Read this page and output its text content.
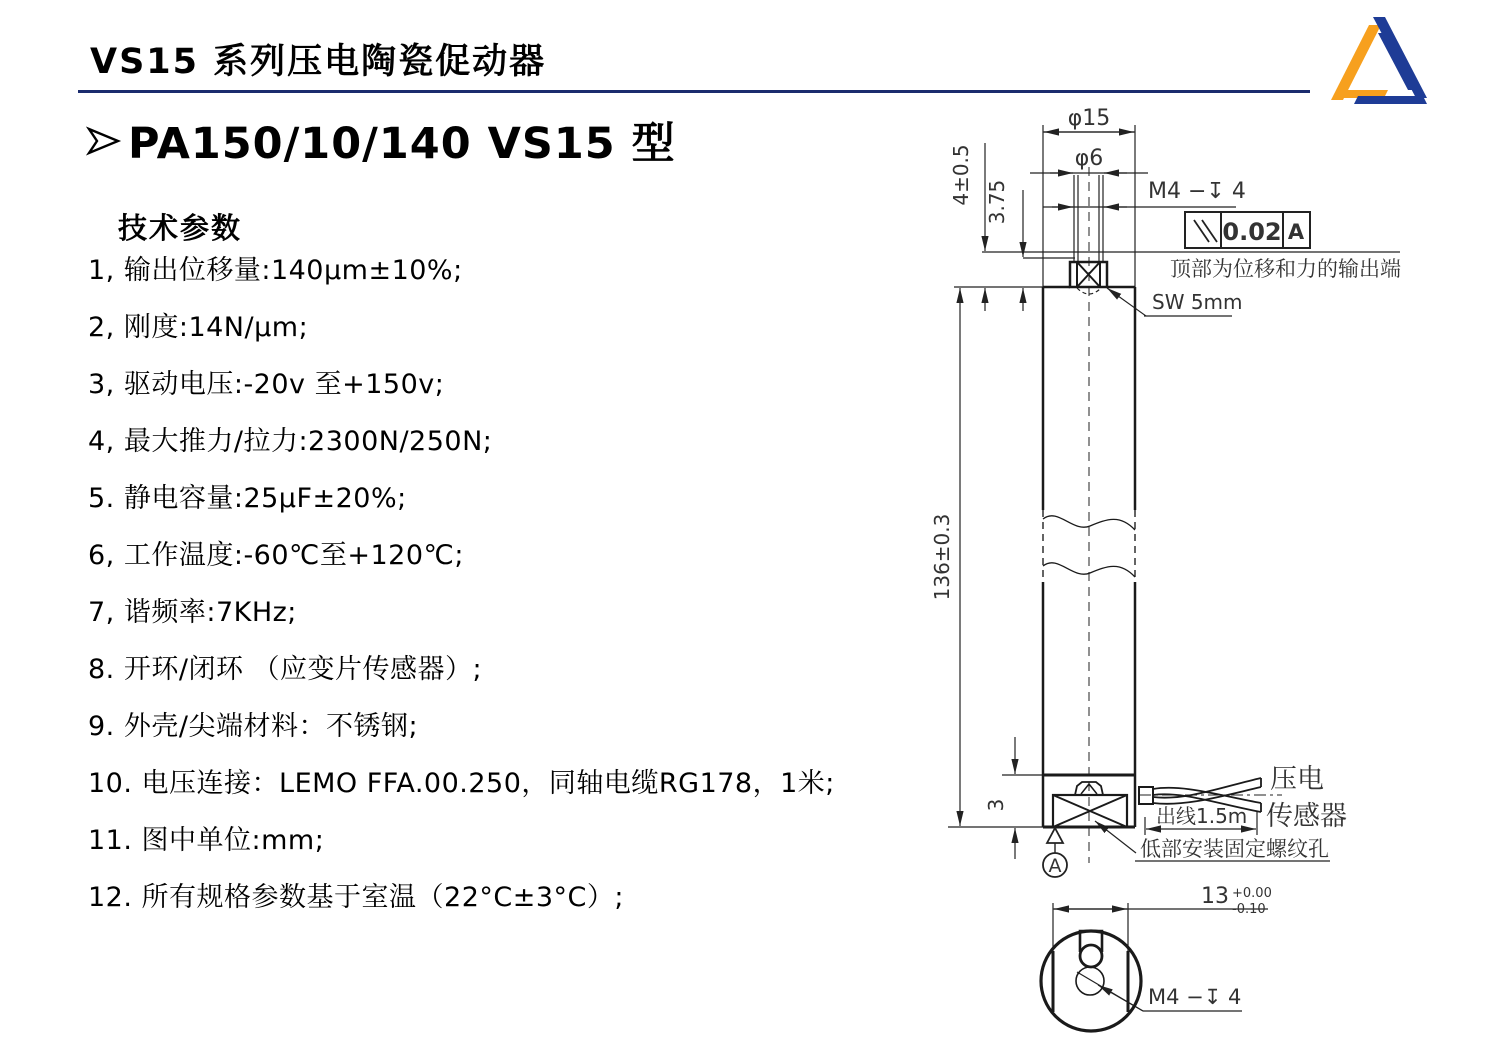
VS15 系列压电陶瓷促动器
PA150/10/140 VS15 型
技术参数
1, 输出位移量:140μm±10%;
2, 刚度:14N/μm;
3, 驱动电压:-20v 至+150v;
4, 最大推力/拉力:2300N/250N;
5. 静电容量:25μF±20%;
6, 工作温度:-60℃至+120℃;
7, 谐频率:7KHz;
8. 开环/闭环 （应变片传感器）;
9. 外壳/尖端材料：不锈钢;
10. 电压连接：LEMO FFA.00.250，同轴电缆RG178，1米;
11. 图中单位:mm;
12. 所有规格参数基于室温（22°C±3°C）;
φ15
φ6
M4 −↧ 4
0.02 A
顶部为位移和力的输出端
SW 5mm
4±0.5 3.75
136±0.3
3	出线1.5m
压电
传感器
低部安装固定螺纹孔
A
13 +0.00
-0.10
M4 −↧ 4
